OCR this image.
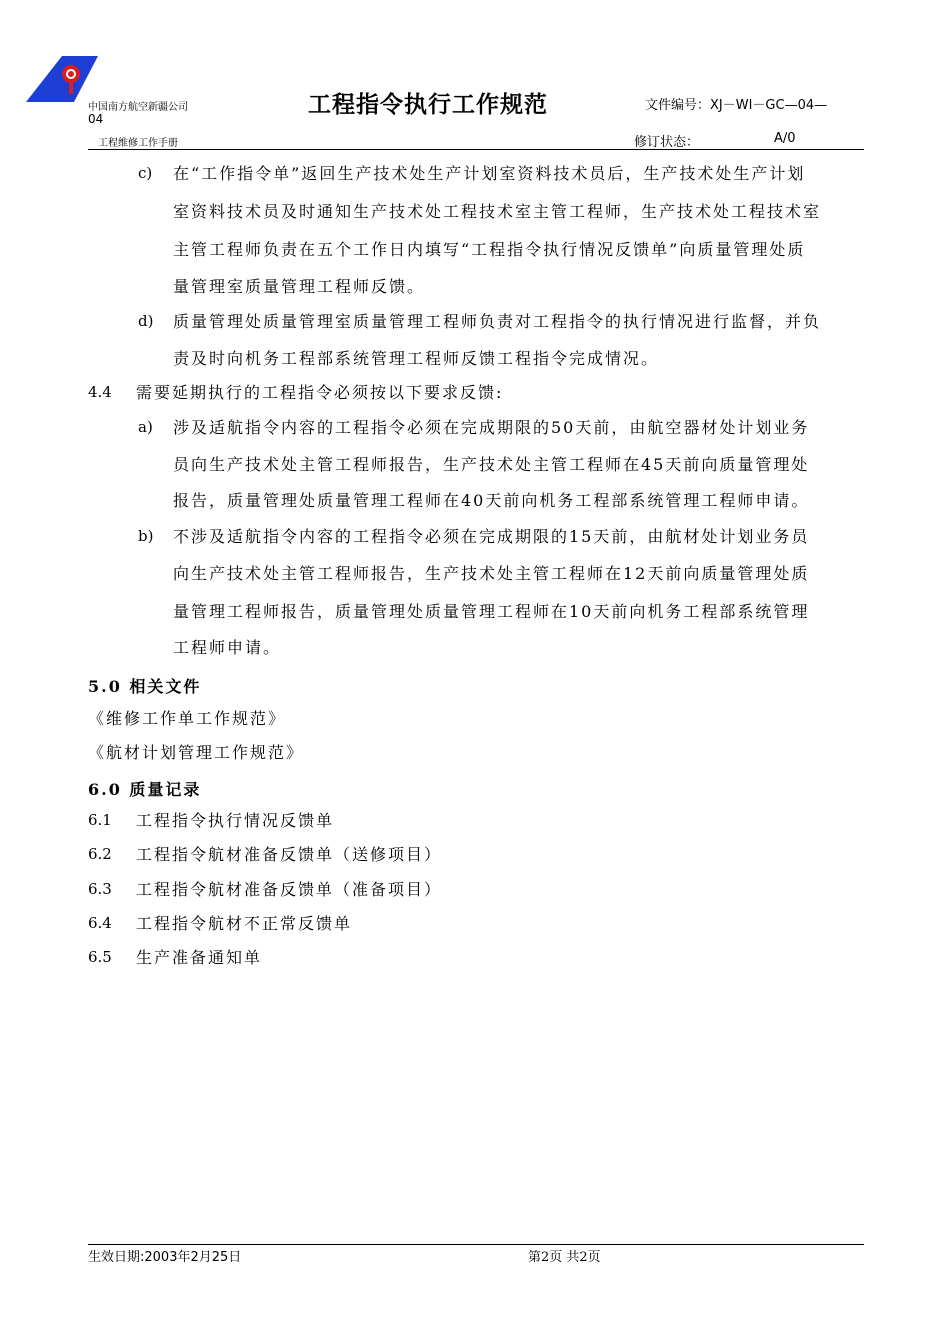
中国南方航空新疆公司
04
工程维修工作手册
工程指令执行工作规范	文件编号：XJ－WI－GC—04—
修订状态：	A/0
c) 在“工作指令单”返回生产技术处生产计划室资料技术员后，生产技术处生产计划
室资料技术员及时通知生产技术处工程技术室主管工程师，生产技术处工程技术室
主管工程师负责在五个工作日内填写“工程指令执行情况反馈单”向质量管理处质
量管理室质量管理工程师反馈。
d) 质量管理处质量管理室质量管理工程师负责对工程指令的执行情况进行监督，并负
责及时向机务工程部系统管理工程师反馈工程指令完成情况。
4.4 需要延期执行的工程指令必须按以下要求反馈:
a) 涉及适航指令内容的工程指令必须在完成期限的50天前，由航空器材处计划业务
员向生产技术处主管工程师报告，生产技术处主管工程师在45天前向质量管理处
报告，质量管理处质量管理工程师在40天前向机务工程部系统管理工程师申请。
b) 不涉及适航指令内容的工程指令必须在完成期限的15天前，由航材处计划业务员
向生产技术处主管工程师报告，生产技术处主管工程师在12天前向质量管理处质
量管理工程师报告，质量管理处质量管理工程师在10天前向机务工程部系统管理
工程师申请。
5.0 相关文件
《维修工作单工作规范》
《航材计划管理工作规范》
6.0 质量记录
6.1 工程指令执行情况反馈单
6.2 工程指令航材准备反馈单（送修项目）
6.3 工程指令航材准备反馈单（准备项目）
6.4 工程指令航材不正常反馈单
6.5 生产准备通知单
生效日期:2003年2月25日	第2页 共2页
